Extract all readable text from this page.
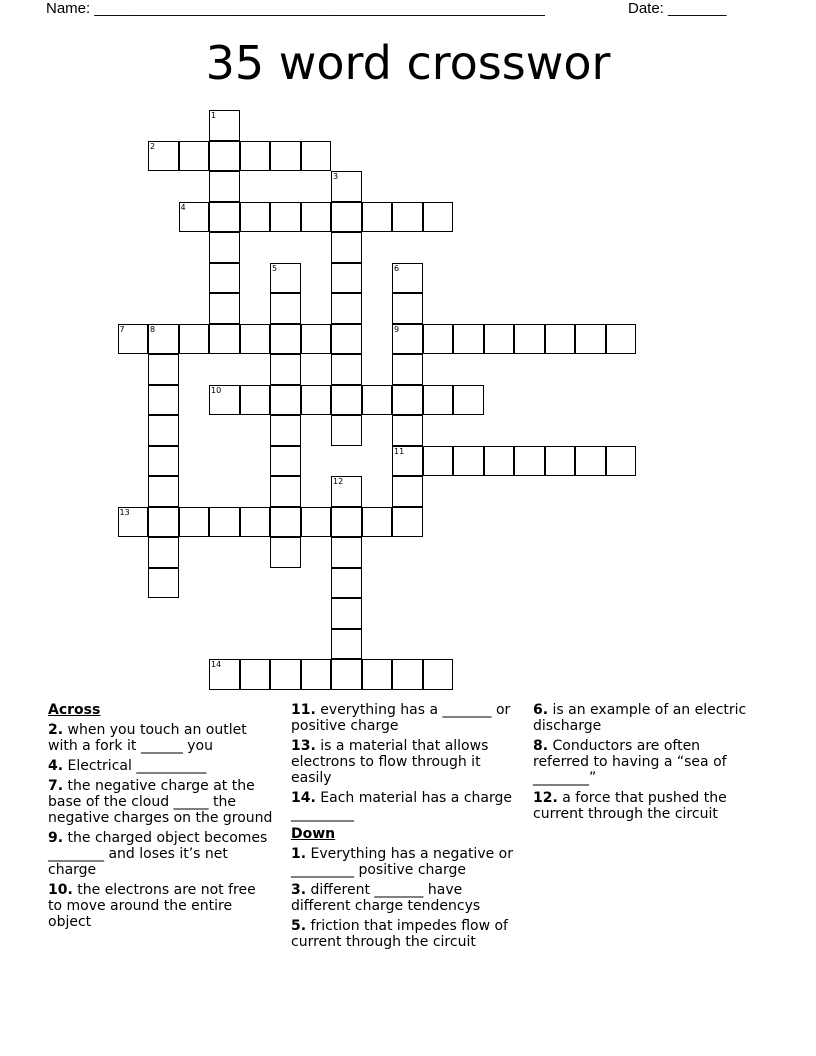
Name: ______________________________________________________	Date: _______
35 word crosswor
1
2
3
4
5	6
9
11
7	8
10
12
13
14
Across
2. when you touch an outlet with a fork it ______ you
4. Electrical __________
7. the negative charge at the base of the cloud _____ the negative charges on the ground
9. the charged object becomes ________ and loses it’s net charge
10. the electrons are not free to move around the entire object
11. everything has a _______ or positive charge
13. is a material that allows electrons to flow through it easily
14. Each material has a charge _________
Down
1. Everything has a negative or _________ positive charge
3. different _______ have different charge tendencys
5. friction that impedes flow of current through the circuit
6. is an example of an electric discharge
8. Conductors are often referred to having a “sea of ________”
12. a force that pushed the current through the circuit
